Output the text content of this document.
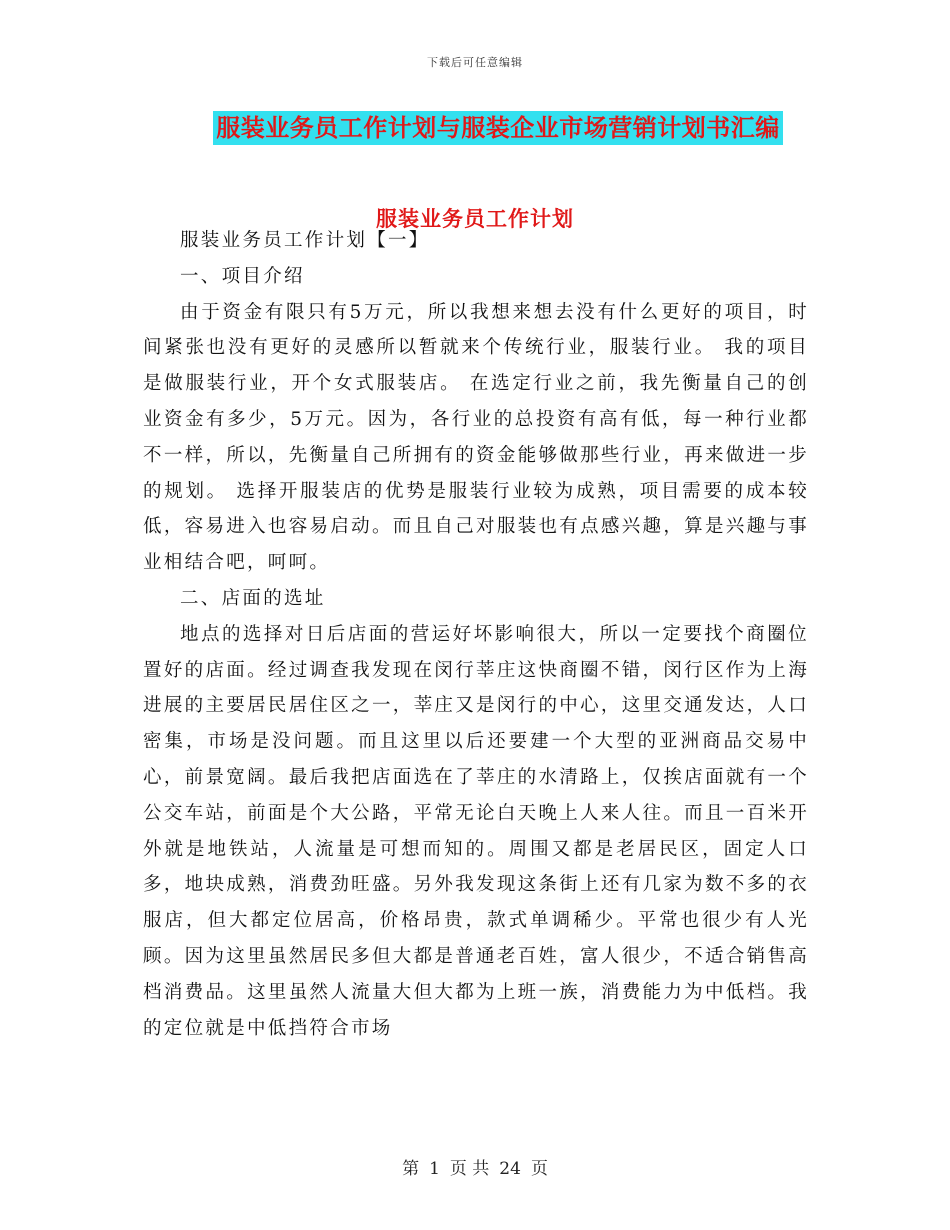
下载后可任意编辑
服装业务员工作计划与服装企业市场营销计划书汇编
服装业务员工作计划

服装业务员工作计划【一】

一、项目介绍

由于资金有限只有5万元，所以我想来想去没有什么更好的项目，时间紧张也没有更好的灵感所以暂就来个传统行业，服装行业。 我的项目是做服装行业，开个女式服装店。 在选定行业之前，我先衡量自己的创业资金有多少，5万元。因为，各行业的总投资有高有低，每一种行业都不一样，所以，先衡量自己所拥有的资金能够做那些行业，再来做进一步的规划。 选择开服装店的优势是服装行业较为成熟，项目需要的成本较低，容易进入也容易启动。而且自己对服装也有点感兴趣，算是兴趣与事业相结合吧，呵呵。

二、店面的选址

地点的选择对日后店面的营运好坏影响很大，所以一定要找个商圈位置好的店面。经过调查我发现在闵行莘庄这快商圈不错，闵行区作为上海进展的主要居民居住区之一，莘庄又是闵行的中心，这里交通发达，人口密集，市场是没问题。而且这里以后还要建一个大型的亚洲商品交易中心，前景宽阔。最后我把店面选在了莘庄的水清路上，仅挨店面就有一个公交车站，前面是个大公路，平常无论白天晚上人来人往。而且一百米开外就是地铁站，人流量是可想而知的。周围又都是老居民区，固定人口多，地块成熟，消费劲旺盛。另外我发现这条街上还有几家为数不多的衣服店，但大都定位居高，价格昂贵，款式单调稀少。平常也很少有人光顾。因为这里虽然居民多但大都是普通老百姓，富人很少，不适合销售高档消费品。这里虽然人流量大但大都为上班一族，消费能力为中低档。我的定位就是中低挡符合市场

第 1 页 共 24 页
